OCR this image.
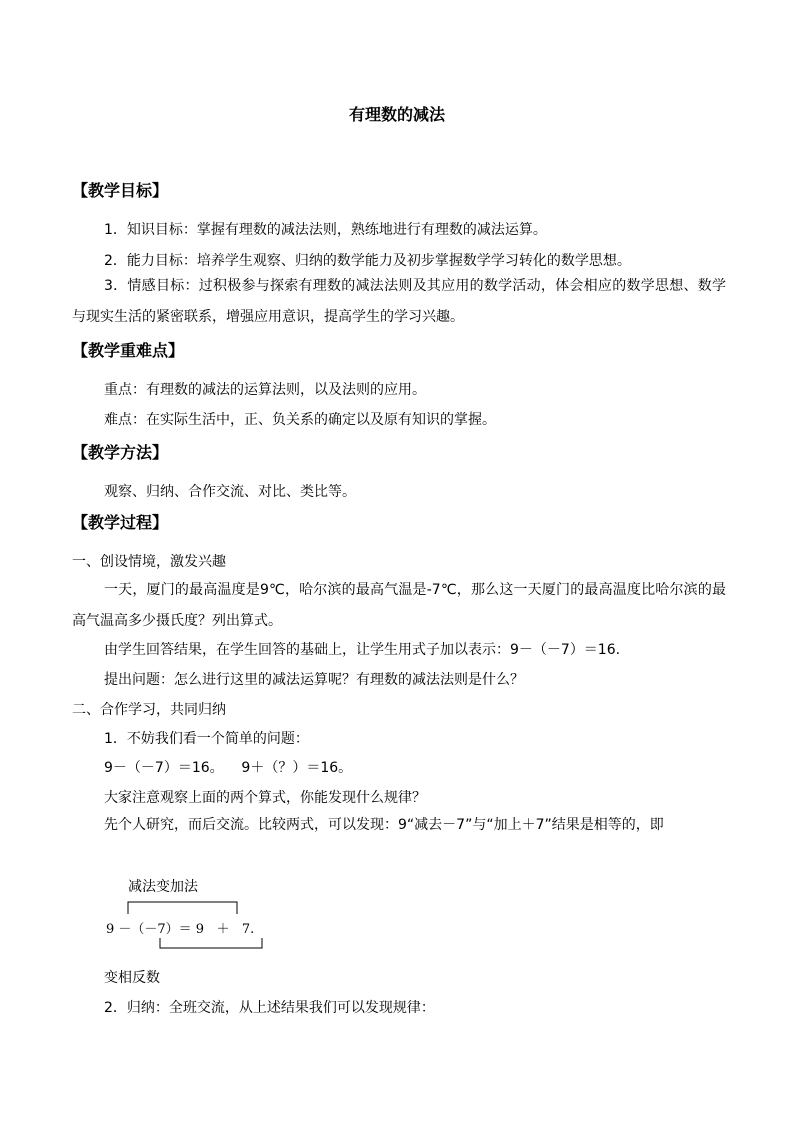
有理数的减法
【教学目标】
1．知识目标：掌握有理数的减法法则，熟练地进行有理数的减法运算。
2．能力目标：培养学生观察、归纳的数学能力及初步掌握数学学习转化的数学思想。
3．情感目标：过积极参与探索有理数的减法法则及其应用的数学活动，体会相应的数学思想、数学与现实生活的紧密联系，增强应用意识，提高学生的学习兴趣。
【教学重难点】
重点：有理数的减法的运算法则，以及法则的应用。
难点：在实际生活中，正、负关系的确定以及原有知识的掌握。
【教学方法】
观察、归纳、合作交流、对比、类比等。
【教学过程】
一、创设情境，激发兴趣
一天，厦门的最高温度是9℃，哈尔滨的最高气温是-7℃，那么这一天厦门的最高温度比哈尔滨的最高气温高多少摄氏度？列出算式。
由学生回答结果，在学生回答的基础上，让学生用式子加以表示：9－（－7）＝16.
提出问题：怎么进行这里的减法运算呢？有理数的减法法则是什么？
二、合作学习，共同归纳
1．不妨我们看一个简单的问题：
9－（－7）＝16。    9＋（？）＝16。
大家注意观察上面的两个算式，你能发现什么规律？
先个人研究，而后交流。比较两式，可以发现：9“减去－7”与“加上＋7”结果是相等的，即
减法变加法
9 －（－7）＝ 9   ＋   7.
变相反数
2．归纳：全班交流，从上述结果我们可以发现规律：
